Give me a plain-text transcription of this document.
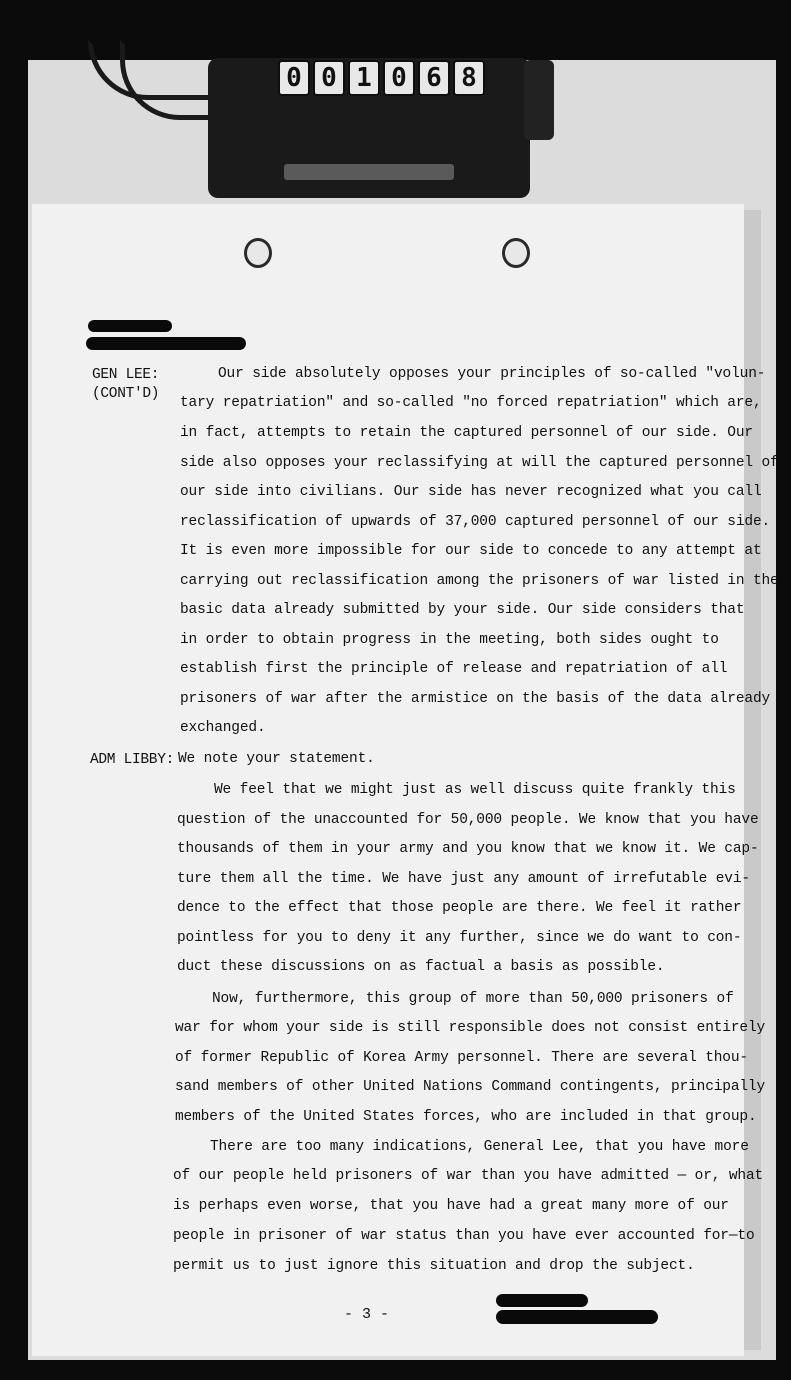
0 0 1 0 6 8
GEN LEE:
(CONT'D)
ADM LIBBY:
Our side absolutely opposes your principles of so-called "volun-
tary repatriation" and so-called "no forced repatriation" which are,
in fact, attempts to retain the captured personnel of our side. Our
side also opposes your reclassifying at will the captured personnel of
our side into civilians. Our side has never recognized what you call
reclassification of upwards of 37,000 captured personnel of our side.
It is even more impossible for our side to concede to any attempt at
carrying out reclassification among the prisoners of war listed in the
basic data already submitted by your side. Our side considers that
in order to obtain progress in the meeting, both sides ought to
establish first the principle of release and repatriation of all
prisoners of war after the armistice on the basis of the data already
exchanged.
We note your statement.
We feel that we might just as well discuss quite frankly this
question of the unaccounted for 50,000 people. We know that you have
thousands of them in your army and you know that we know it. We cap-
ture them all the time. We have just any amount of irrefutable evi-
dence to the effect that those people are there. We feel it rather
pointless for you to deny it any further, since we do want to con-
duct these discussions on as factual a basis as possible.
Now, furthermore, this group of more than 50,000 prisoners of
war for whom your side is still responsible does not consist entirely
of former Republic of Korea Army personnel. There are several thou-
sand members of other United Nations Command contingents, principally
members of the United States forces, who are included in that group.
There are too many indications, General Lee, that you have more
of our people held prisoners of war than you have admitted — or, what
is perhaps even worse, that you have had a great many more of our
people in prisoner of war status than you have ever accounted for—to
permit us to just ignore this situation and drop the subject.
- 3 -
